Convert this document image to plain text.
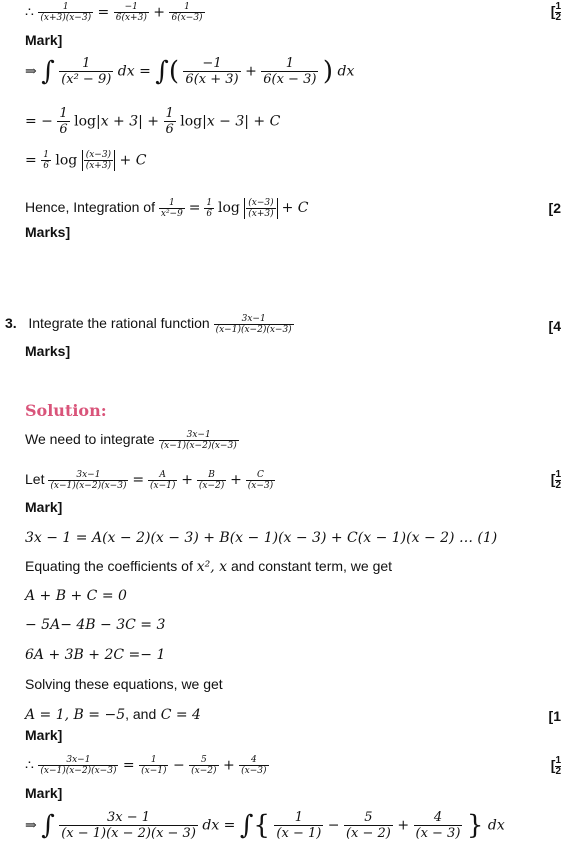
∴ $\frac{1}{(x+3)(x-3)} = \frac{-1}{6(x+3)} + \frac{1}{6(x-3)}$	[ $\frac{1}{2}$
Mark]
⇒ ∫ $\frac{1}{\text{(x² − 9)}}$ dx = ∫( $\frac{-1}{6(x + 3)} + \frac{1}{6(x - 3)}$ ) dx
= − $\frac{1}{6} \log|x + 3| + \frac{1}{6} \log|x - 3| + C$
= $\frac{1}{6}$ $\log \frac{(x-3)}{(x+3)} + C$
Hence, Integration of $\frac{1}{\text{x²−9}} = \frac{1}{6}$ $\log \frac{(x-3)}{(x+3)} + C$	[2
Marks]
3. Integrate the rational function $\frac{3x-1}{(x-1)(x-2)(x-3)}$	[4
Marks]
Solution:
We need to integrate $\frac{3x-1}{(x-1)(x-2)(x-3)}$
Let $\frac{3x-1}{(x-1)(x-2)(x-3)} = \frac{A}{(x-1)} + \frac{B}{(x-2)} + \frac{C}{(x-3)}$	[ $\frac{1}{2}$
Mark]
3x − 1 = A(x − 2)(x − 3) + B(x − 1)(x − 3) + C(x − 1)(x − 2) … (1)
Equating the coefficients of x², x and constant term, we get
A + B + C = 0
− 5A− 4B − 3C = 3
6A + 3B + 2C =− 1
Solving these equations, we get
A = 1, B = −5, and C = 4	[1
Mark]
∴ $\frac{3x-1}{(x-1)(x-2)(x-3)} = \frac{1}{(x-1)} - \frac{5}{(x-2)} + \frac{4}{(x-3)}$	[ $\frac{1}{2}$
Mark]
⇒ ∫ $\frac{3x - 1}{(x - 1)(x - 2)(x - 3)}$ dx = ∫{ $\frac{1}{(x - 1)} - \frac{5}{(x - 2)} + \frac{4}{(x - 3)}$ } dx
